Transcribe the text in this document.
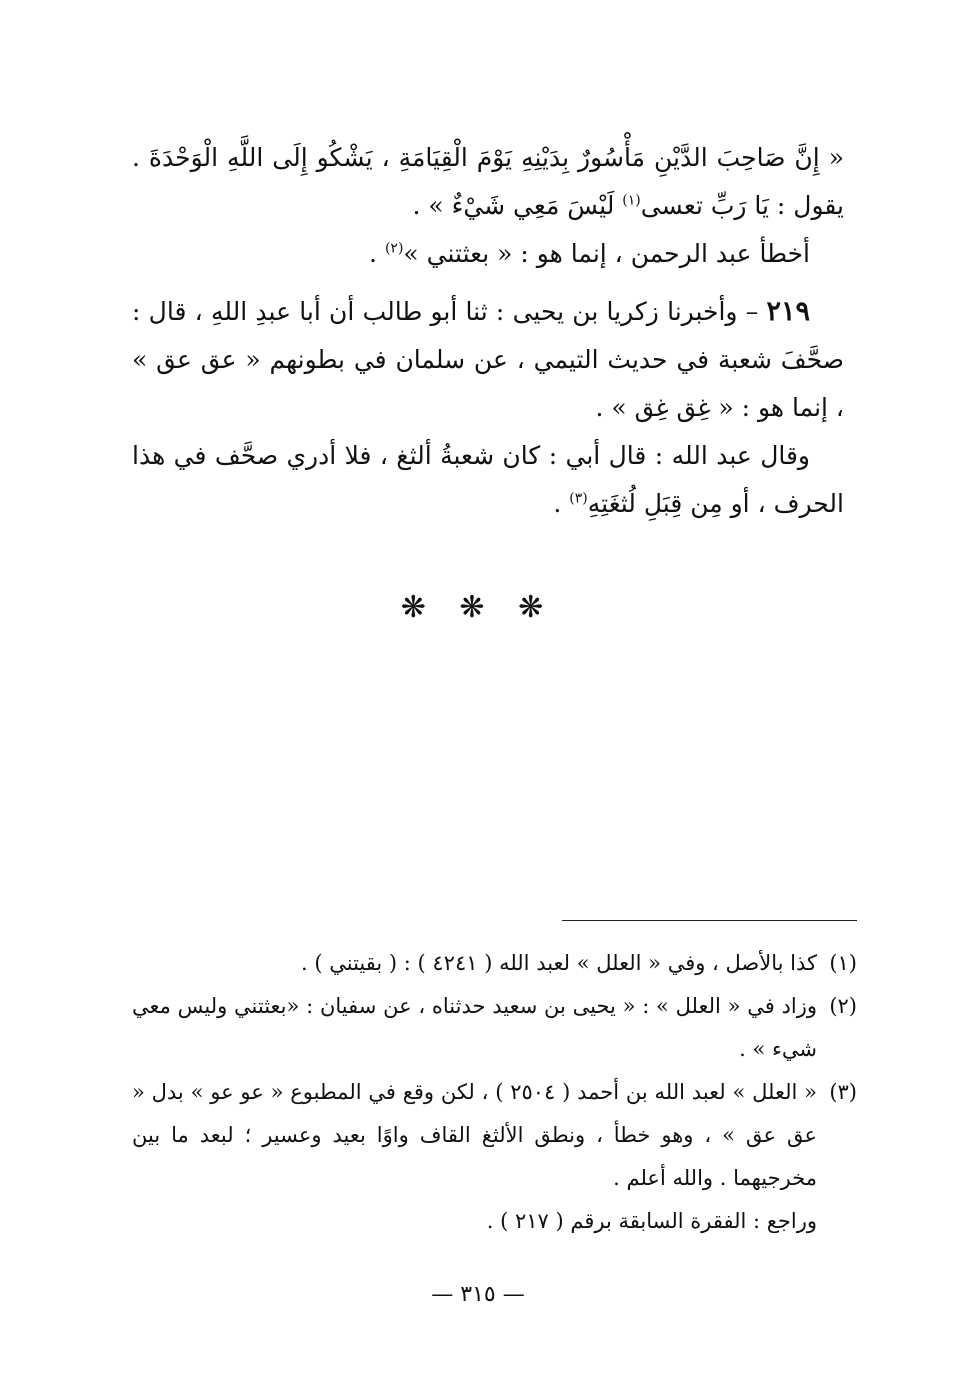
« إِنَّ صَاحِبَ الدَّيْنِ مَأْسُورٌ بِدَيْنِهِ يَوْمَ الْقِيَامَةِ ، يَشْكُو إِلَى اللَّهِ الْوَحْدَةَ . يقول : يَا رَبِّ تعسى$^{(١)}$ لَيْسَ مَعِي شَيْءٌ » .

أخطأ عبد الرحمن ، إنما هو : « بعثتني »$^{(٢)}$ .

٢١٩ – وأخبرنا زكريا بن يحيى : ثنا أبو طالب أن أبا عبدِ اللهِ ، قال : صحَّفَ شعبة في حديث التيمي ، عن سلمان في بطونهم « عق عق » ، إنما هو : « غِق غِق » .

وقال عبد الله : قال أبي : كان شعبةُ ألثغ ، فلا أدري صحَّف في هذا الحرف ، أو مِن قِبَلِ لُثغَتِهِ$^{(٣)}$ .

❋ ❋ ❋
(١)
كذا بالأصل ، وفي « العلل » لعبد الله ( ٤٢٤١ ) : ( بقيتني ) .
(٢)
وزاد في « العلل » : « يحيى بن سعيد حدثناه ، عن سفيان : «بعثتني وليس معي شيء » .
(٣)
« العلل » لعبد الله بن أحمد ( ٢٥٠٤ ) ، لكن وقع في المطبوع « عو عو » بدل « عق عق » ، وهو خطأ ، ونطق الألثغ القاف واوًا بعيد وعسير ؛ لبعد ما بين مخرجيهما . والله أعلم .
وراجع : الفقرة السابقة برقم ( ٢١٧ ) .
— ٣١٥ —
